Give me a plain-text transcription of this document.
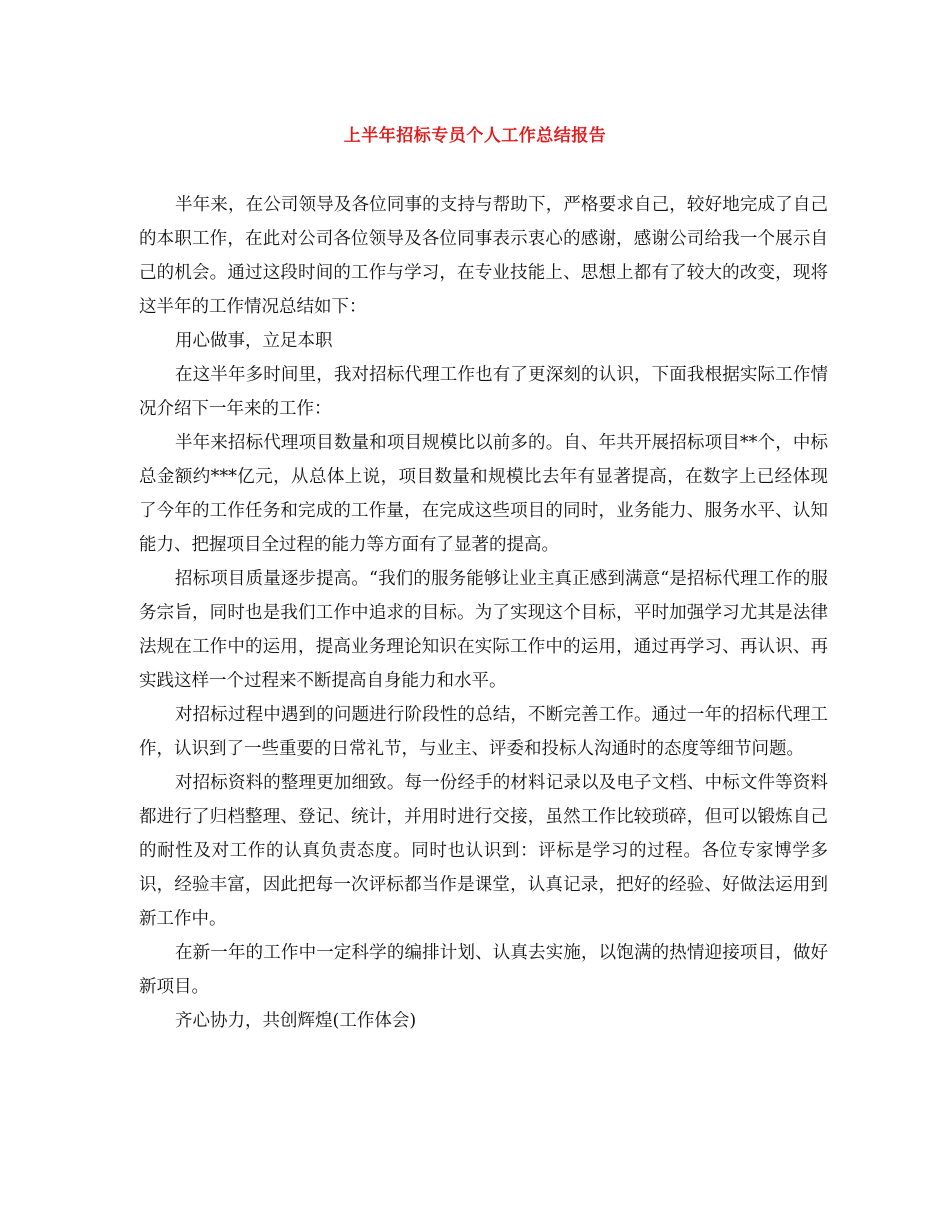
上半年招标专员个人工作总结报告

半年来，在公司领导及各位同事的支持与帮助下，严格要求自己，较好地完成了自己的本职工作，在此对公司各位领导及各位同事表示衷心的感谢，感谢公司给我一个展示自己的机会。通过这段时间的工作与学习，在专业技能上、思想上都有了较大的改变，现将这半年的工作情况总结如下：

用心做事，立足本职

在这半年多时间里，我对招标代理工作也有了更深刻的认识，下面我根据实际工作情况介绍下一年来的工作：

半年来招标代理项目数量和项目规模比以前多的。自、年共开展招标项目**个，中标总金额约***亿元，从总体上说，项目数量和规模比去年有显著提高，在数字上已经体现了今年的工作任务和完成的工作量，在完成这些项目的同时，业务能力、服务水平、认知能力、把握项目全过程的能力等方面有了显著的提高。

招标项目质量逐步提高。“我们的服务能够让业主真正感到满意“是招标代理工作的服务宗旨，同时也是我们工作中追求的目标。为了实现这个目标，平时加强学习尤其是法律法规在工作中的运用，提高业务理论知识在实际工作中的运用，通过再学习、再认识、再实践这样一个过程来不断提高自身能力和水平。

对招标过程中遇到的问题进行阶段性的总结，不断完善工作。通过一年的招标代理工作，认识到了一些重要的日常礼节，与业主、评委和投标人沟通时的态度等细节问题。

对招标资料的整理更加细致。每一份经手的材料记录以及电子文档、中标文件等资料都进行了归档整理、登记、统计，并用时进行交接，虽然工作比较琐碎，但可以锻炼自己的耐性及对工作的认真负责态度。同时也认识到：评标是学习的过程。各位专家博学多识，经验丰富，因此把每一次评标都当作是课堂，认真记录，把好的经验、好做法运用到新工作中。

在新一年的工作中一定科学的编排计划、认真去实施，以饱满的热情迎接项目，做好新项目。

齐心协力，共创辉煌(工作体会)
